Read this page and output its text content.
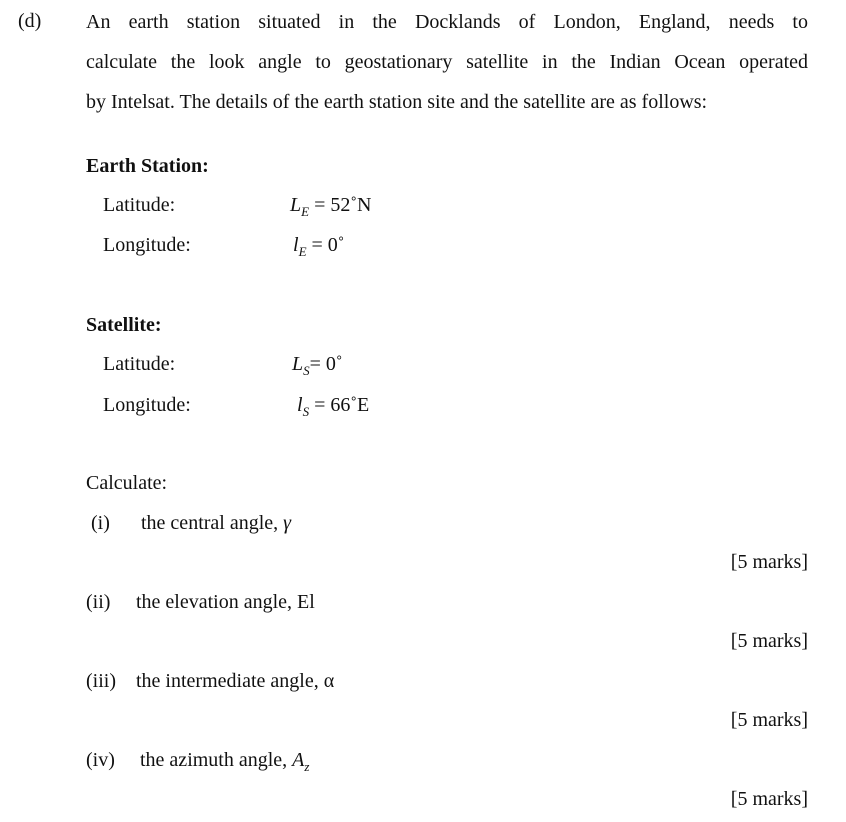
(d) An earth station situated in the Docklands of London, England, needs to
calculate the look angle to geostationary satellite in the Indian Ocean operated
by Intelsat. The details of the earth station site and the satellite are as follows:
Earth Station:
Latitude:	$L_E$ = 52˚N
Longitude:	$l_E$ = 0˚
Satellite:
Latitude:	$L_S=$ 0˚
Longitude:	$l_S$ = 66˚E
Calculate:
(i) the central angle, γ
[5 marks]
(ii) the elevation angle, El
[5 marks]
(iii) the intermediate angle, α
[5 marks]
(iv) the azimuth angle, $A_z$
[5 marks]
